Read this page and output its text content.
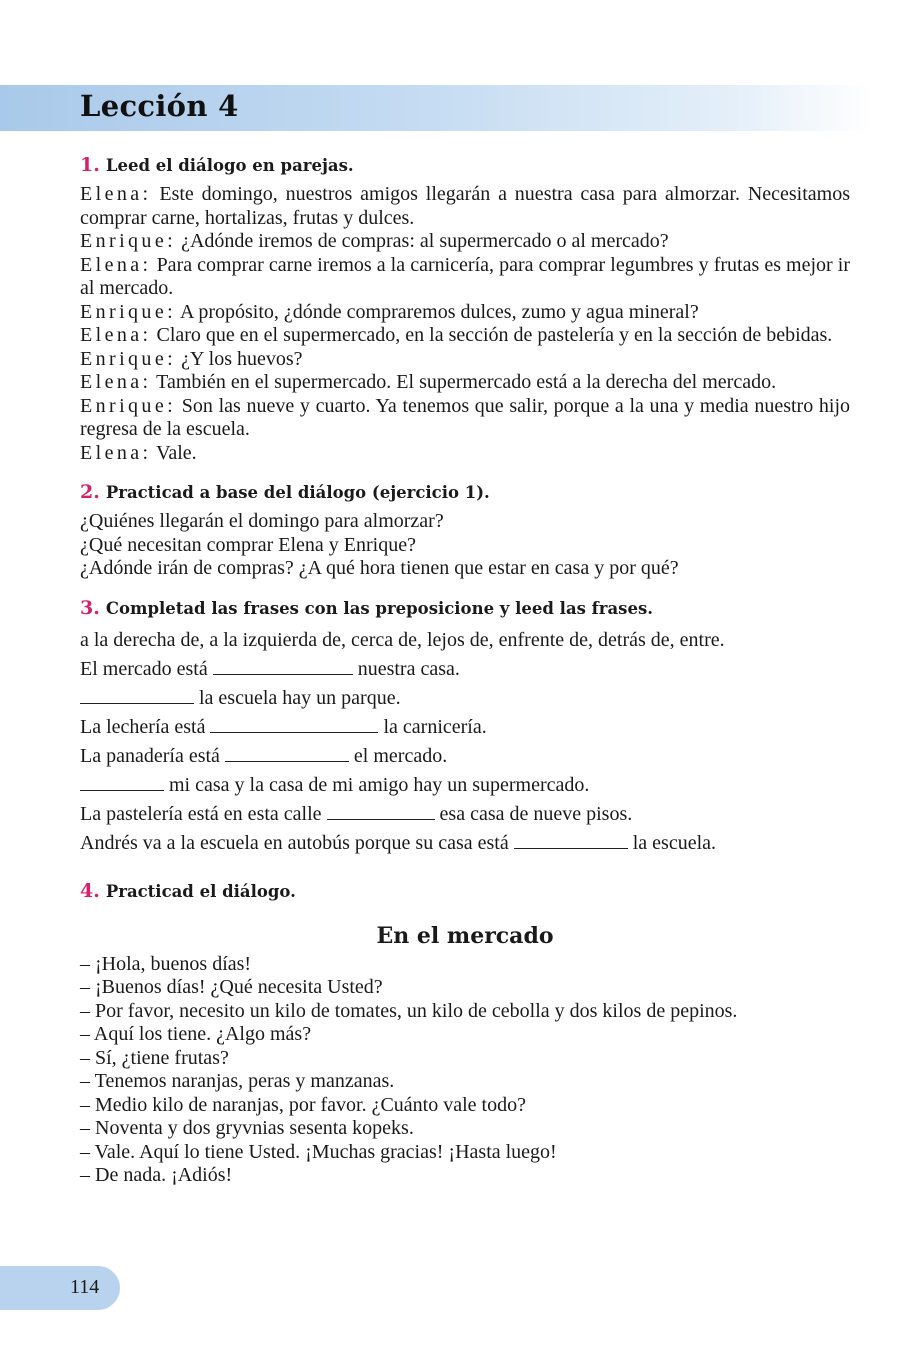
Lección 4
1. Leed el diálogo en parejas.
Elena: Este domingo, nuestros amigos llegarán a nuestra casa para almorzar. Necesitamos comprar carne, hortalizas, frutas y dulces.
Enrique: ¿Adónde iremos de compras: al supermercado o al mercado?
Elena: Para comprar carne iremos a la carnicería, para comprar legumbres y frutas es mejor ir al mercado.
Enrique: A propósito, ¿dónde compraremos dulces, zumo y agua mineral?
Elena: Claro que en el supermercado, en la sección de pastelería y en la sección de bebidas.
Enrique: ¿Y los huevos?
Elena: También en el supermercado. El supermercado está a la derecha del mercado.
Enrique: Son las nueve y cuarto. Ya tenemos que salir, porque a la una y media nuestro hijo regresa de la escuela.
Elena: Vale.
2. Practicad a base del diálogo (ejercicio 1).
¿Quiénes llegarán el domingo para almorzar?
¿Qué necesitan comprar Elena y Enrique?
¿Adónde irán de compras? ¿A qué hora tienen que estar en casa y por qué?
3. Completad las frases con las preposicione y leed las frases.
a la derecha de, a la izquierda de, cerca de, lejos de, enfrente de, detrás de, entre.
El mercado está	nuestra casa.
la escuela hay un parque.
La lechería está	la carnicería.
La panadería está	el mercado.
mi casa y la casa de mi amigo hay un supermercado.
La pastelería está en esta calle	esa casa de nueve pisos.
Andrés va a la escuela en autobús porque su casa está	la escuela.
4. Practicad el diálogo.
En el mercado
– ¡Hola, buenos días!
– ¡Buenos días! ¿Qué necesita Usted?
– Por favor, necesito un kilo de tomates, un kilo de cebolla y dos kilos de pepinos.
– Aquí los tiene. ¿Algo más?
– Sí, ¿tiene frutas?
– Tenemos naranjas, peras y manzanas.
– Medio kilo de naranjas, por favor. ¿Cuánto vale todo?
– Noventa y dos gryvnias sesenta kopeks.
– Vale. Aquí lo tiene Usted. ¡Muchas gracias! ¡Hasta luego!
– De nada. ¡Adiós!
114
